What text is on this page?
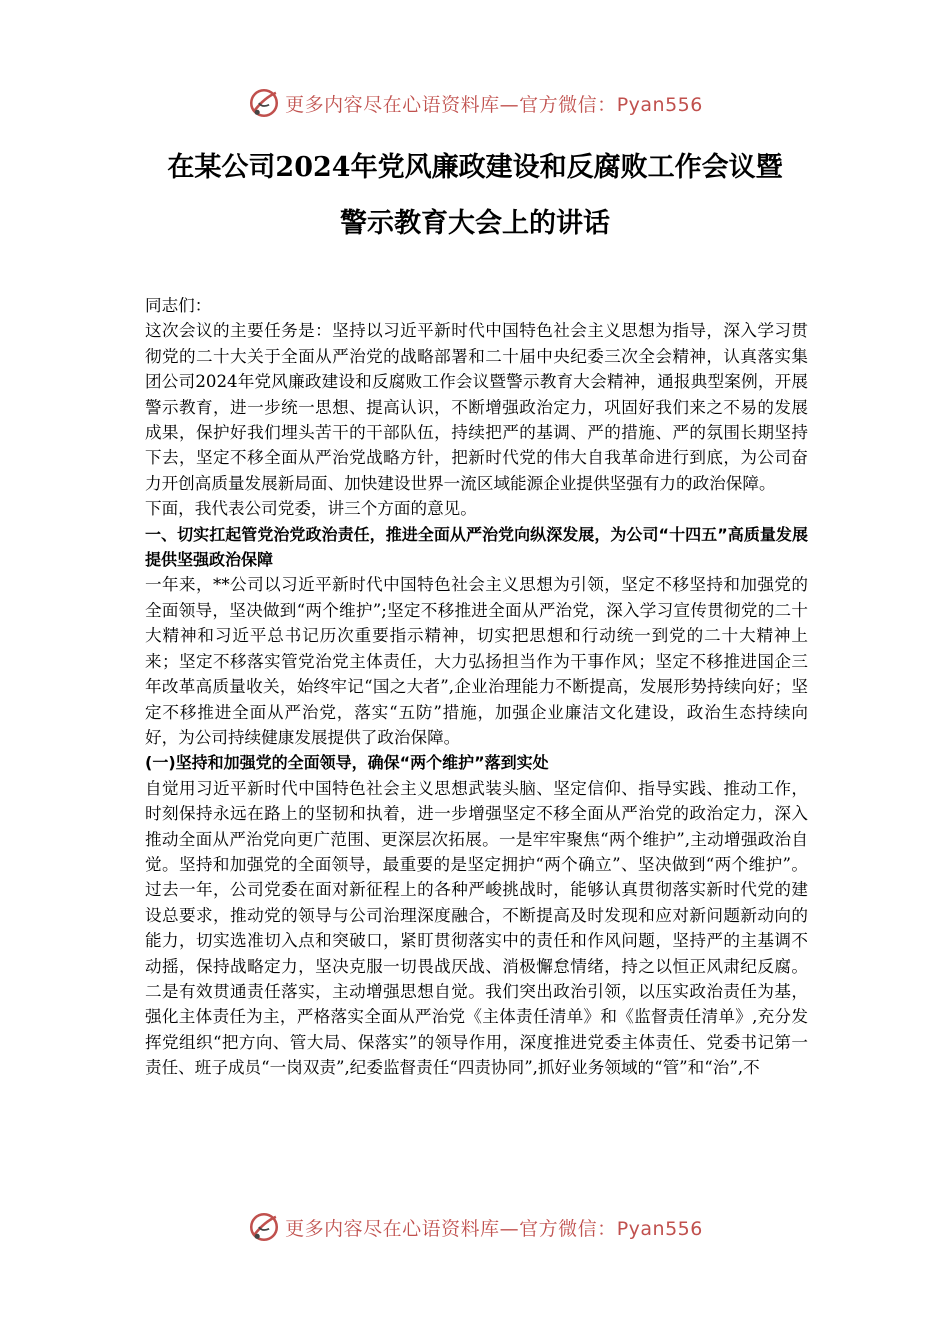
更多内容尽在心语资料库—官方微信：Pyan556
在某公司2024年党风廉政建设和反腐败工作会议暨
警示教育大会上的讲话

同志们：

这次会议的主要任务是：坚持以习近平新时代中国特色社会主义思想为指导，深入学习贯彻党的二十大关于全面从严治党的战略部署和二十届中央纪委三次全会精神，认真落实集团公司2024年党风廉政建设和反腐败工作会议暨警示教育大会精神，通报典型案例，开展警示教育，进一步统一思想、提高认识，不断增强政治定力，巩固好我们来之不易的发展成果，保护好我们埋头苦干的干部队伍，持续把严的基调、严的措施、严的氛围长期坚持下去，坚定不移全面从严治党战略方针，把新时代党的伟大自我革命进行到底，为公司奋力开创高质量发展新局面、加快建设世界一流区域能源企业提供坚强有力的政治保障。

下面，我代表公司党委，讲三个方面的意见。

一、切实扛起管党治党政治责任，推进全面从严治党向纵深发展，为公司“十四五”高质量发展提供坚强政治保障

一年来，**公司以习近平新时代中国特色社会主义思想为引领，坚定不移坚持和加强党的全面领导，坚决做到“两个维护”;坚定不移推进全面从严治党，深入学习宣传贯彻党的二十大精神和习近平总书记历次重要指示精神，切实把思想和行动统一到党的二十大精神上来；坚定不移落实管党治党主体责任，大力弘扬担当作为干事作风；坚定不移推进国企三年改革高质量收关，始终牢记“国之大者”,企业治理能力不断提高，发展形势持续向好；坚定不移推进全面从严治党，落实“五防”措施，加强企业廉洁文化建设，政治生态持续向好，为公司持续健康发展提供了政治保障。

(一)坚持和加强党的全面领导，确保“两个维护”落到实处

自觉用习近平新时代中国特色社会主义思想武装头脑、坚定信仰、指导实践、推动工作，时刻保持永远在路上的坚韧和执着，进一步增强坚定不移全面从严治党的政治定力，深入推动全面从严治党向更广范围、更深层次拓展。一是牢牢聚焦“两个维护”,主动增强政治自觉。坚持和加强党的全面领导，最重要的是坚定拥护“两个确立”、坚决做到“两个维护”。过去一年，公司党委在面对新征程上的各种严峻挑战时，能够认真贯彻落实新时代党的建设总要求，推动党的领导与公司治理深度融合，不断提高及时发现和应对新问题新动向的能力，切实选准切入点和突破口，紧盯贯彻落实中的责任和作风问题，坚持严的主基调不动摇，保持战略定力，坚决克服一切畏战厌战、消极懈怠情绪，持之以恒正风肃纪反腐。二是有效贯通责任落实，主动增强思想自觉。我们突出政治引领，以压实政治责任为基，强化主体责任为主，严格落实全面从严治党《主体责任清单》和《监督责任清单》,充分发挥党组织“把方向、管大局、保落实”的领导作用，深度推进党委主体责任、党委书记第一责任、班子成员“一岗双责”,纪委监督责任“四责协同”,抓好业务领域的“管”和“治”,不

更多内容尽在心语资料库—官方微信：Pyan556
